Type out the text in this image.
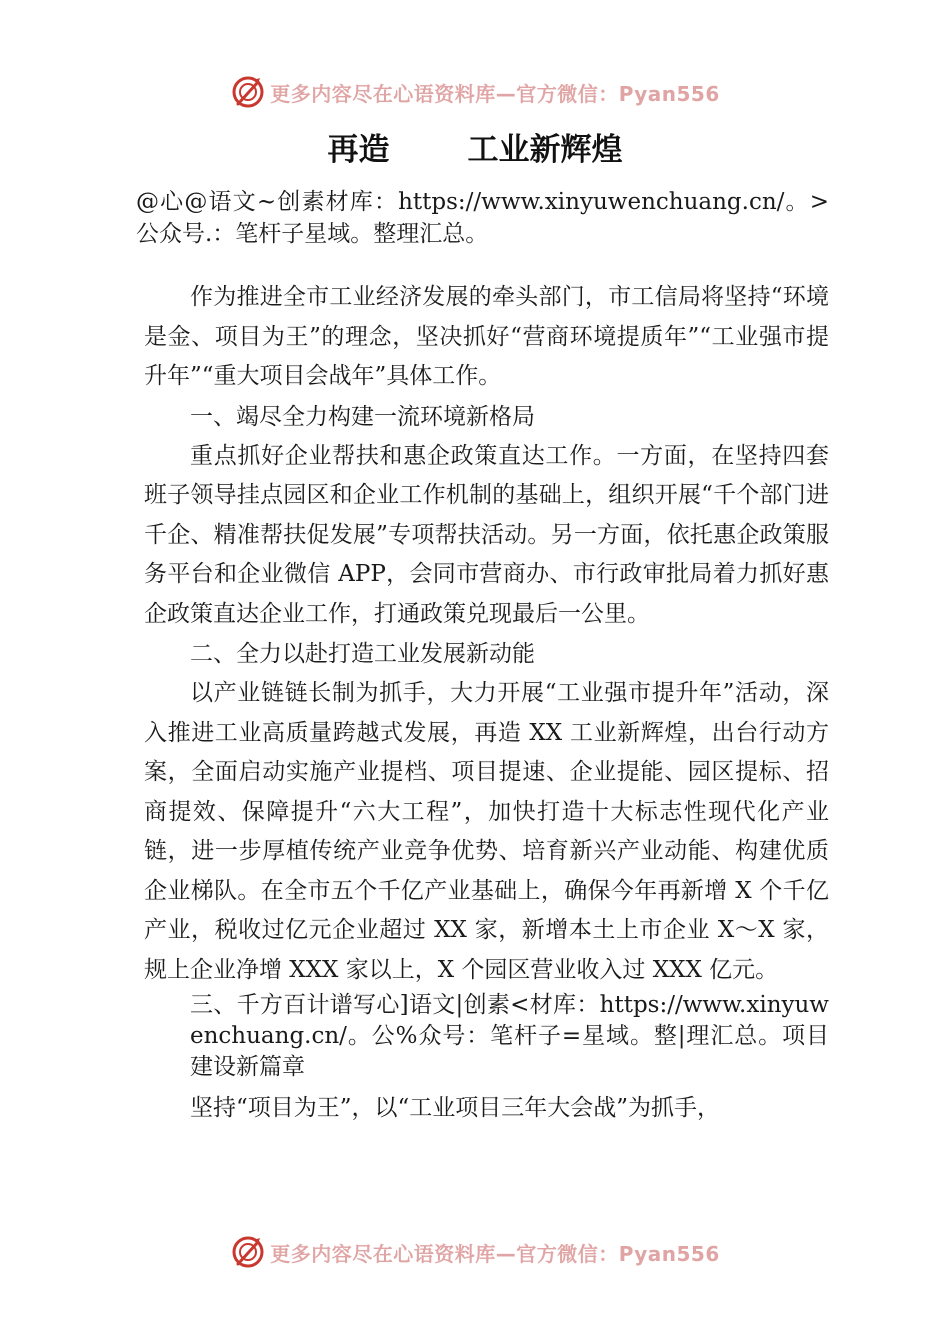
更多内容尽在心语资料库—官方微信：Pyan556
再造	工业新辉煌

@心@语文~创素材库：https://www.xinyuwenchuang.cn/。>公众号.：笔杆子星域。整理汇总。

作为推进全市工业经济发展的牵头部门，市工信局将坚持“环境是金、项目为王”的理念，坚决抓好“营商环境提质年”“工业强市提升年”“重大项目会战年”具体工作。

一、竭尽全力构建一流环境新格局

重点抓好企业帮扶和惠企政策直达工作。一方面，在坚持四套班子领导挂点园区和企业工作机制的基础上，组织开展“千个部门进千企、精准帮扶促发展”专项帮扶活动。另一方面，依托惠企政策服务平台和企业微信 APP，会同市营商办、市行政审批局着力抓好惠企政策直达企业工作，打通政策兑现最后一公里。

二、全力以赴打造工业发展新动能

以产业链链长制为抓手，大力开展“工业强市提升年”活动，深入推进工业高质量跨越式发展，再造 XX 工业新辉煌，出台行动方案，全面启动实施产业提档、项目提速、企业提能、园区提标、招商提效、保障提升“六大工程”，加快打造十大标志性现代化产业链，进一步厚植传统产业竞争优势、培育新兴产业动能、构建优质企业梯队。在全市五个千亿产业基础上，确保今年再新增 X 个千亿产业，税收过亿元企业超过 XX 家，新增本土上市企业 X～X 家，规上企业净增 XXX 家以上，X 个园区营业收入过 XXX 亿元。

三、千方百计谱写心]语文|创素<材库：https://www.xinyuwenchuang.cn/。公%众号：笔杆子=星域。整|理汇总。项目建设新篇章

坚持“项目为王”，以“工业项目三年大会战”为抓手，

更多内容尽在心语资料库—官方微信：Pyan556
